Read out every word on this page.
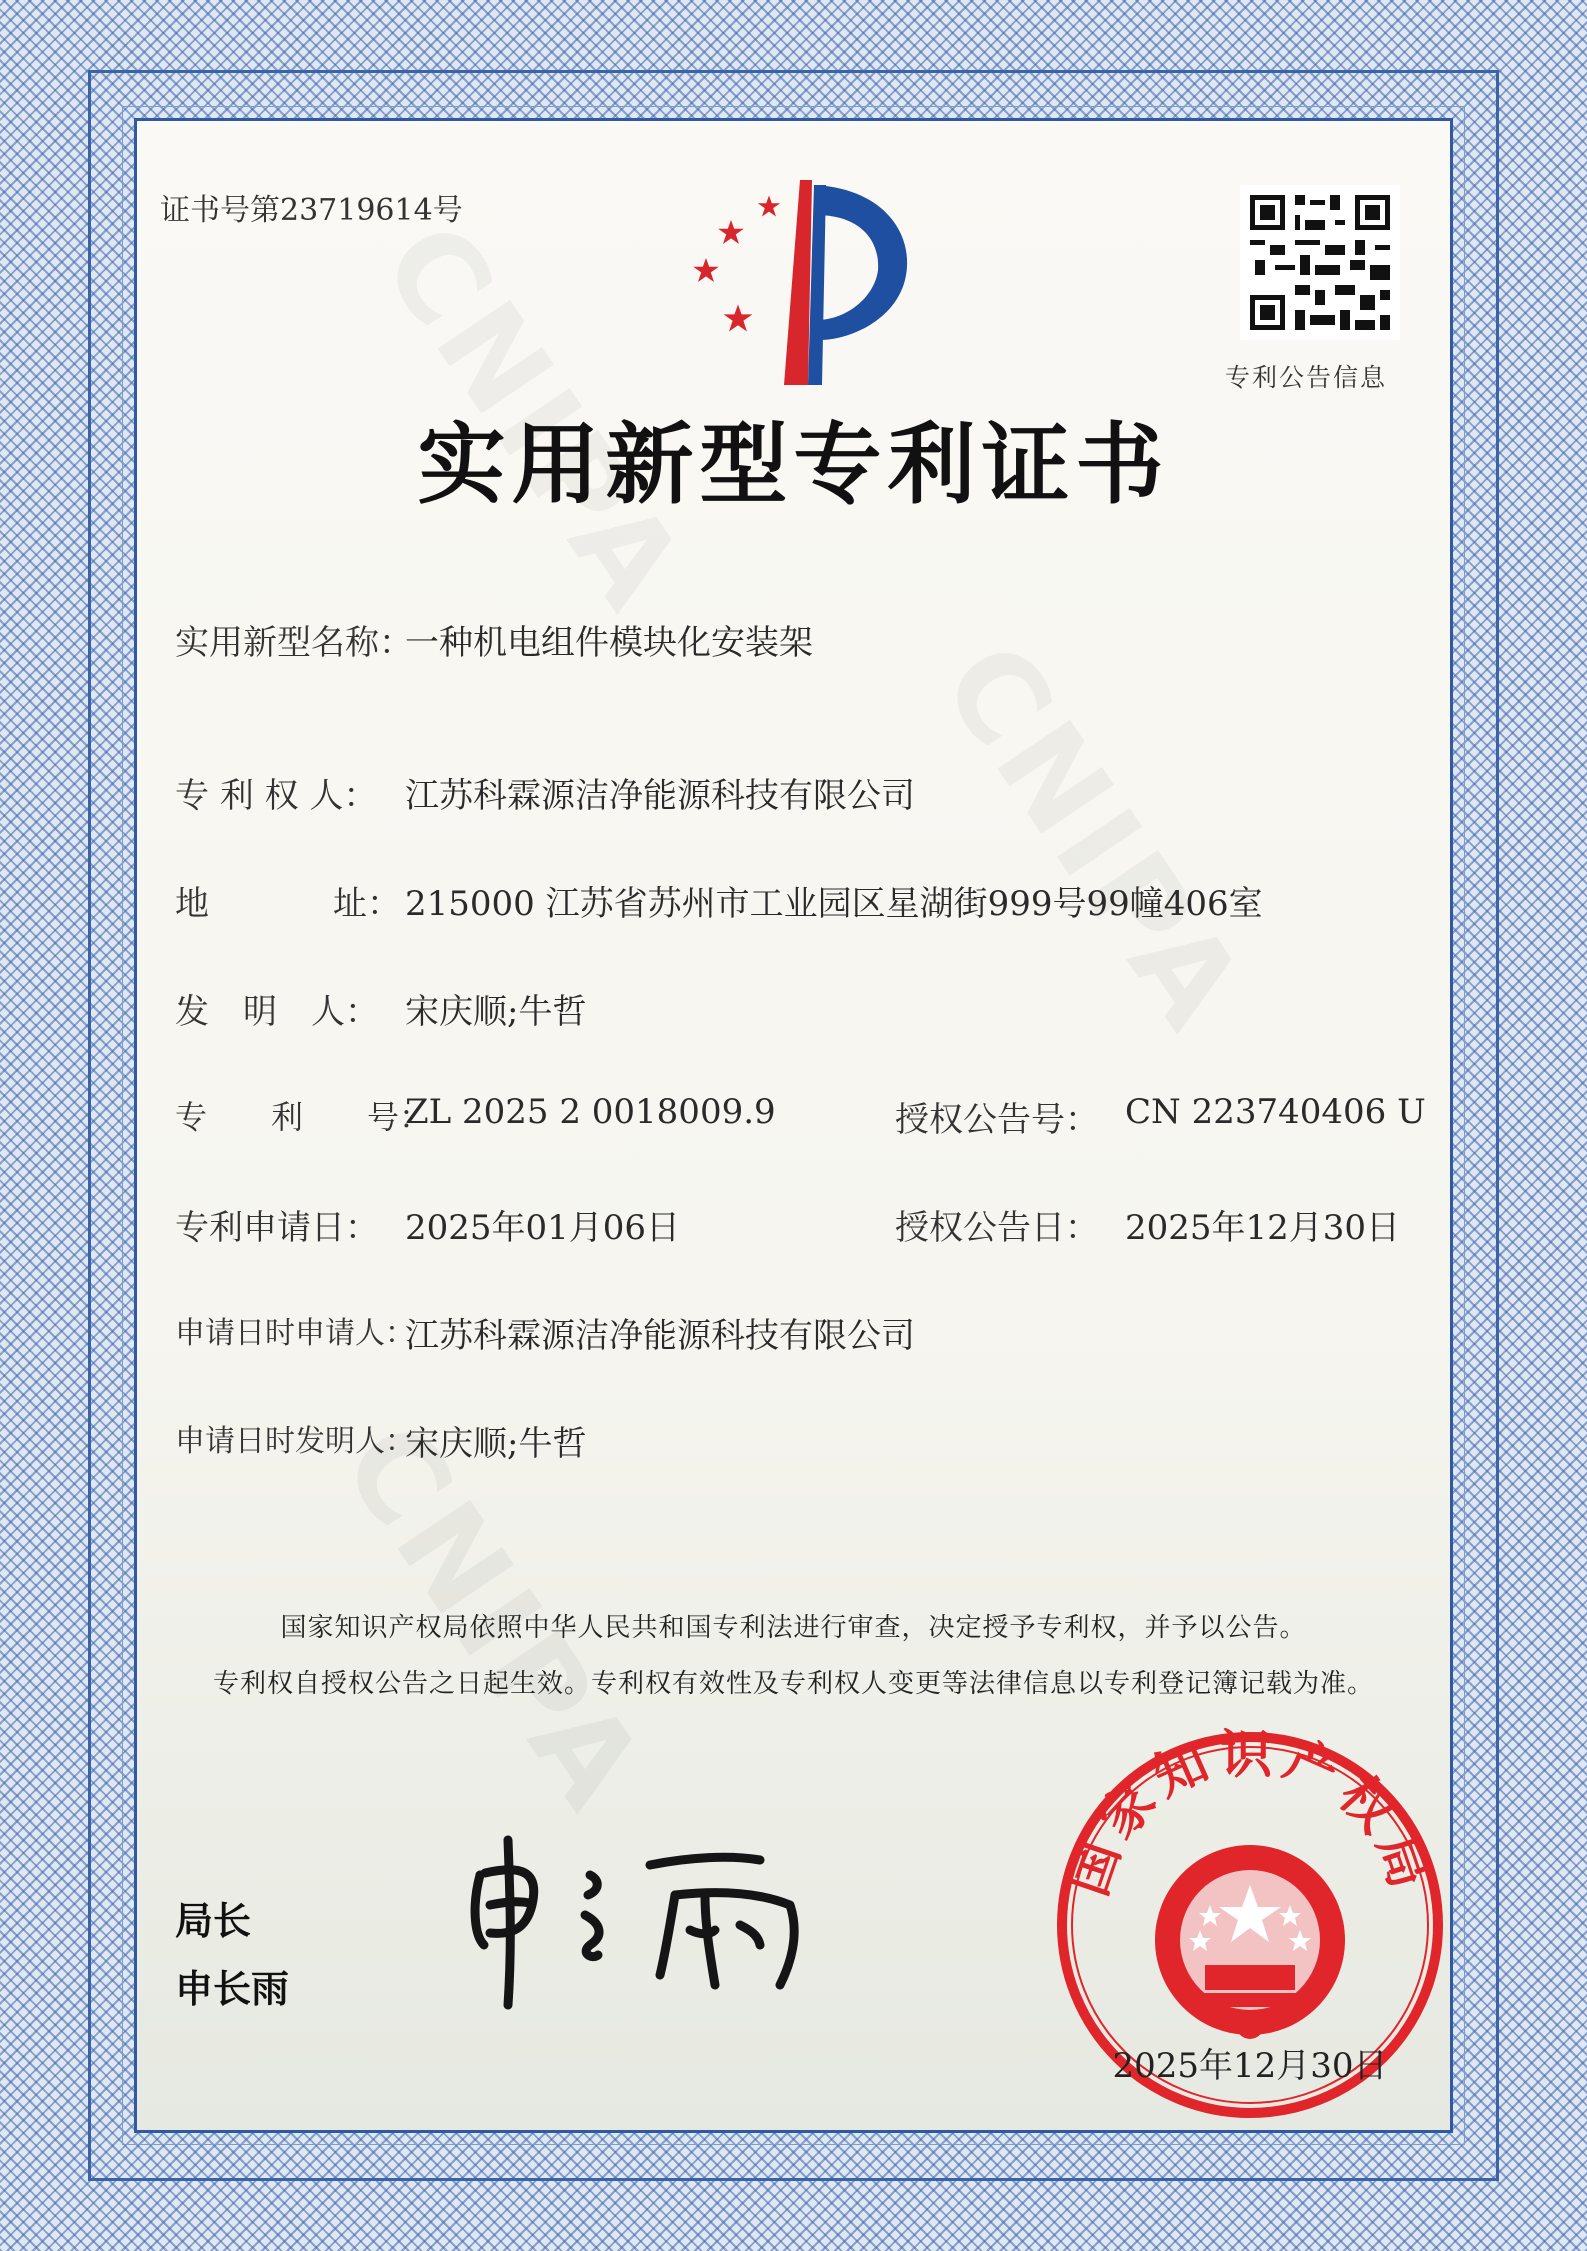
证书号第23719614号
专利公告信息
实用新型专利证书
实用新型名称：
一种机电组件模块化安装架
专 利 权 人： 江苏科霖源洁净能源科技有限公司
地	址： 215000 江苏省苏州市工业园区星湖街999号99幢406室
发　明　人： 宋庆顺;牛哲
专　　利　　号：
ZL 2025 2 0018009.9	授权公告号： CN 223740406 U
专利申请日： 2025年01月06日	授权公告日： 2025年12月30日
申请日时申请人：
江苏科霖源洁净能源科技有限公司
申请日时发明人：
宋庆顺;牛哲
国家知识产权局依照中华人民共和国专利法进行审查，决定授予专利权，并予以公告。
专利权自授权公告之日起生效。专利权有效性及专利权人变更等法律信息以专利登记簿记载为准。
局长
申长雨
国家知识产权局
2025年12月30日
